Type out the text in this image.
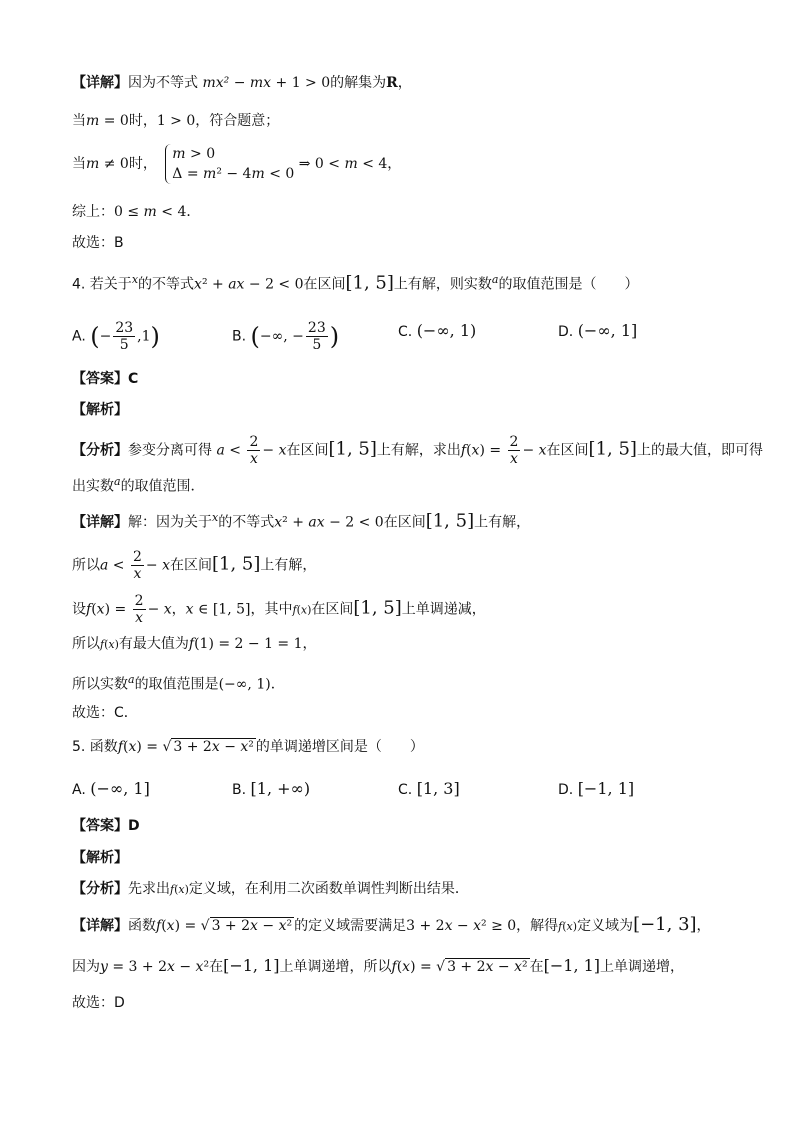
【详解】因为不等式 mx² − mx + 1 > 0的解集为R，
当m = 0时，1 > 0，符合题意；
当m ≠ 0时，
m > 0
Δ = m² − 4m < 0
⇒ 0 < m < 4，
综上：0 ≤ m < 4．
故选：B
4. 若关于$^x$的不等式x² + ax − 2 < 0在区间[1, 5]上有解，则实数$^a$的取值范围是（　　）
A. (− $\frac{23}{5} ,1$)	B. (−∞, − $\frac{23}{5}$ )	C. (−∞, 1)	D. (−∞, 1]
【答案】C
【解析】
【分析】参变分离可得 $a < \frac{2}{x} - x$在区间[1, 5]上有解，求出$f(x) = \frac{2}{x} - x$在区间[1, 5]上的最大值，即可得
出实数$^a$的取值范围．
【详解】解：因为关于$^x$的不等式x² + ax − 2 < 0在区间[1, 5]上有解，
所以$a < \frac{2}{x} - x$在区间[1, 5]上有解，
设$f(x) = \frac{2}{x} - x$，x ∈ [1, 5]，其中f(x)在区间[1, 5]上单调递减，
所以f(x)有最大值为f(1) = 2 − 1 = 1，
所以实数$^a$的取值范围是(−∞, 1)．
故选：C．
5. 函数f(x) = √ 3 + 2x − x² 的单调递增区间是（　　）
A. (−∞, 1]	B. [1, +∞)	C. [1, 3]	D. [−1, 1]
【答案】D
【解析】
【分析】先求出f(x)定义域，在利用二次函数单调性判断出结果．
【详解】函数f(x) = √ 3 + 2x − x² 的定义域需要满足3 + 2x − x² ≥ 0，解得f(x)定义域为[−1, 3]，
因为y = 3 + 2x − x²在[−1, 1]上单调递增，所以f(x) = √ 3 + 2x − x² 在[−1, 1]上单调递增，
故选：D
